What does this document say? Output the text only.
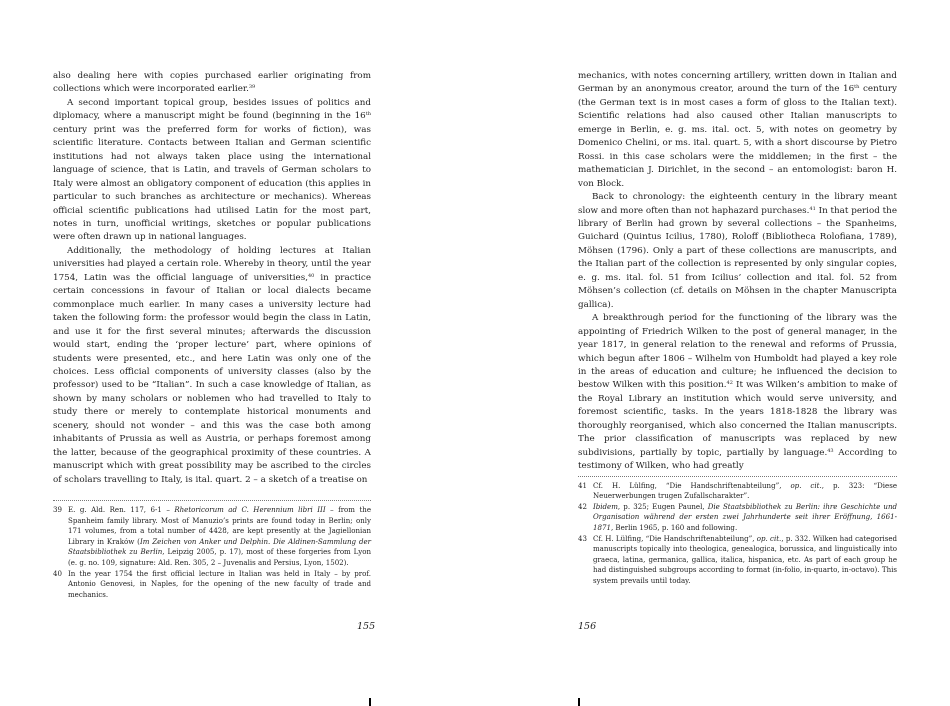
also dealing here with copies purchased earlier originating from collections which were incorporated earlier.$^{39}$

A second important topical group, besides issues of politics and diplomacy, where a manuscript might be found (beginning in the 16th century print was the preferred form for works of fiction), was scientific literature. Contacts between Italian and German scientific institutions had not always taken place using the international language of science, that is Latin, and travels of German scholars to Italy were almost an obligatory component of education (this applies in particular to such branches as architecture or mechanics). Whereas official scientific publications had utilised Latin for the most part, notes in turn, unofficial writings, sketches or popular publications were often drawn up in national languages.

Additionally, the methodology of holding lectures at Italian universities had played a certain role. Whereby in theory, until the year 1754, Latin was the official language of universities,$^{40}$ in practice certain concessions in favour of Italian or local dialects became commonplace much earlier. In many cases a university lecture had taken the following form: the professor would begin the class in Latin, and use it for the first several minutes; afterwards the discussion would start, ending the ‘proper lecture’ part, where opinions of students were presented, etc., and here Latin was only one of the choices. Less official components of university classes (also by the professor) used to be “Italian”. In such a case knowledge of Italian, as shown by many scholars or noblemen who had travelled to Italy to study there or merely to contemplate historical monuments and scenery, should not wonder – and this was the case both among inhabitants of Prussia as well as Austria, or perhaps foremost among the latter, because of the geographical proximity of these countries. A manuscript which with great possibility may be ascribed to the circles of scholars travelling to Italy, is ital. quart. 2 – a sketch of a treatise on

39 E. g. Ald. Ren. 117, 6-1 – Rhetoricorum ad C. Herennium libri III – from the Spanheim family library. Most of Manuzio’s prints are found today in Berlin; only 171 volumes, from a total number of 4428, are kept presently at the Jagiellonian Library in Kraków (Im Zeichen von Anker und Delphin. Die Aldinen-Sammlung der Staatsbibliothek zu Berlin, Leipzig 2005, p. 17), most of these forgeries from Lyon (e. g. no. 109, signature: Ald. Ren. 305, 2 – Juvenalis and Persius, Lyon, 1502).
40 In the year 1754 the first official lecture in Italian was held in Italy – by prof. Antonio Genovesi, in Naples, for the opening of the new faculty of trade and mechanics.
155

mechanics, with notes concerning artillery, written down in Italian and German by an anonymous creator, around the turn of the 16th century (the German text is in most cases a form of gloss to the Italian text). Scientific relations had also caused other Italian manuscripts to emerge in Berlin, e. g. ms. ital. oct. 5, with notes on geometry by Domenico Chelini, or ms. ital. quart. 5, with a short discourse by Pietro Rossi. in this case scholars were the middlemen; in the first – the mathematician J. Dirichlet, in the second – an entomologist: baron H. von Block.

Back to chronology: the eighteenth century in the library meant slow and more often than not haphazard purchases.$^{41}$ In that period the library of Berlin had grown by several collections – the Spanheims, Guichard (Quintus Icilius, 1780), Roloff (Bibliotheca Rolofiana, 1789), Möhsen (1796). Only a part of these collections are manuscripts, and the Italian part of the collection is represented by only singular copies, e. g. ms. ital. fol. 51 from Icilius’ collection and ital. fol. 52 from Möhsen’s collection (cf. details on Möhsen in the chapter Manuscripta gallica).

A breakthrough period for the functioning of the library was the appointing of Friedrich Wilken to the post of general manager, in the year 1817, in general relation to the renewal and reforms of Prussia, which begun after 1806 – Wilhelm von Humboldt had played a key role in the areas of education and culture; he influenced the decision to bestow Wilken with this position.$^{42}$ It was Wilken’s ambition to make of the Royal Library an institution which would serve university, and foremost scientific, tasks. In the years 1818-1828 the library was thoroughly reorganised, which also concerned the Italian manuscripts. The prior classification of manuscripts was replaced by new subdivisions, partially by topic, partially by language.$^{43}$ According to testimony of Wilken, who had greatly

41 Cf. H. Lülfing, “Die Handschriftenabteilung”, op. cit., p. 323: “Diese Neuerwerbungen trugen Zufallscharakter”.
42 Ibidem, p. 325; Eugen Paunel, Die Staatsbibliothek zu Berlin: ihre Geschichte und Organisation während der ersten zwei Jahrhunderte seit ihrer Eröffnung, 1661-1871, Berlin 1965, p. 160 and following.
43 Cf. H. Lülfing, “Die Handschriftenabteilung”, op. cit., p. 332. Wilken had categorised manuscripts topically into theologica, genealogica, borussica, and linguistically into graeca, latina, germanica, gallica, italica, hispanica, etc. As part of each group he had distinguished subgroups according to format (in-folio, in-quarto, in-octavo). This system prevails until today.
156
